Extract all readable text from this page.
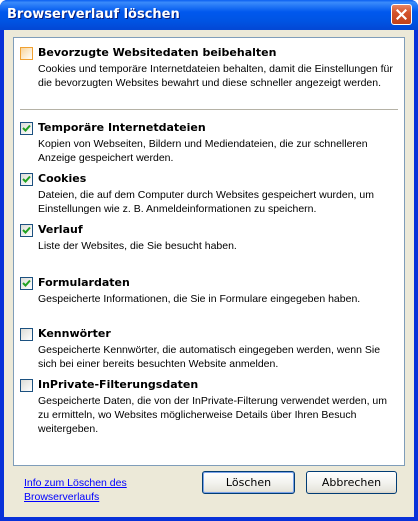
Browserverlauf löschen
Bevorzugte Websitedaten beibehalten
Cookies und temporäre Internetdateien behalten, damit die Einstellungen für die bevorzugten Websites bewahrt und diese schneller angezeigt werden.
Temporäre Internetdateien
Kopien von Webseiten, Bildern und Mediendateien, die zur schnelleren Anzeige gespeichert werden.
Cookies
Dateien, die auf dem Computer durch Websites gespeichert wurden, um Einstellungen wie z. B. Anmeldeinformationen zu speichern.
Verlauf
Liste der Websites, die Sie besucht haben.
Formulardaten
Gespeicherte Informationen, die Sie in Formulare eingegeben haben.
Kennwörter
Gespeicherte Kennwörter, die automatisch eingegeben werden, wenn Sie sich bei einer bereits besuchten Website anmelden.
InPrivate-Filterungsdaten
Gespeicherte Daten, die von der InPrivate-Filterung verwendet werden, um zu ermitteln, wo Websites möglicherweise Details über Ihren Besuch weitergeben.
Info zum Löschen des
Browserverlaufs
Löschen	Abbrechen
